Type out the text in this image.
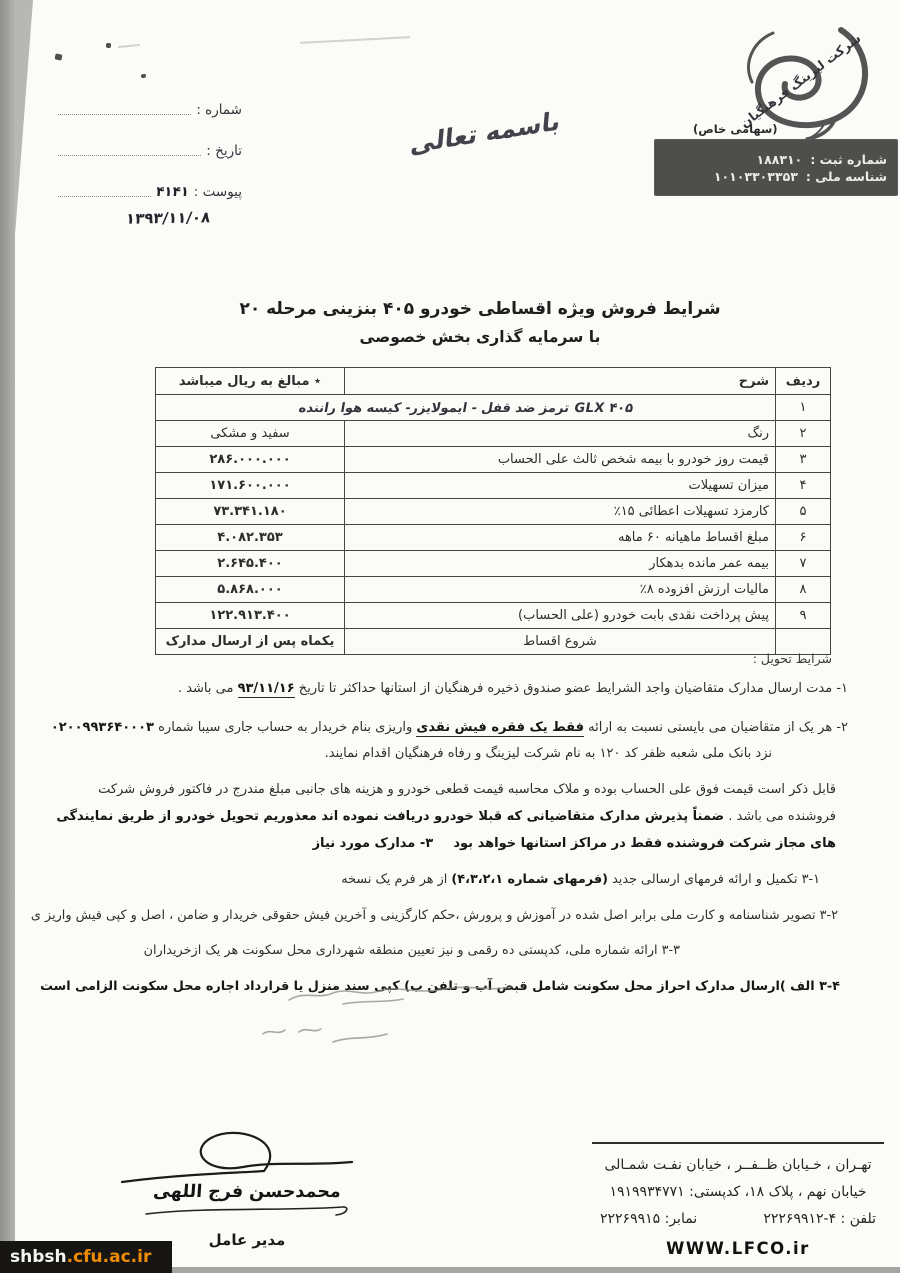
شماره :
تاریخ :
پیوست :
۴۱۴۱
۱۳۹۳/۱۱/۰۸
باسمه تعالی
شرکت لیزینگ فرهنگیان
(سهامی خاص)
شماره ثبت :
۱۸۸۳۱۰
شناسه ملی :
۱۰۱۰۳۳۰۳۳۵۳
شرایط فروش ویژه اقساطی خودرو ۴۰۵ بنزینی مرحله ۲۰
با سرمایه گذاری بخش خصوصی
ردیف	شرح	٭ مبالغ به ریال میباشد
۱	۴۰۵ GLX ترمز ضد قفل - ایمولایزر- کیسه هوا راننده	
۲	رنگ	سفید و مشکی
۳	قیمت روز خودرو با بیمه شخص ثالث علی الحساب	۲۸۶.۰۰۰.۰۰۰
۴	میزان تسهیلات	۱۷۱.۶۰۰.۰۰۰
۵	کارمزد تسهیلات اعطائی ۱۵٪	۷۳.۳۴۱.۱۸۰
۶	مبلغ اقساط ماهیانه ۶۰ ماهه	۴.۰۸۲.۳۵۳
۷	بیمه عمر مانده بدهکار	۲.۶۴۵.۴۰۰
۸	مالیات ارزش افزوده ۸٪	۵.۸۶۸.۰۰۰
۹	پیش پرداخت نقدی بابت خودرو (علی الحساب)	۱۲۲.۹۱۳.۴۰۰
	شروع اقساط	یکماه پس از ارسال مدارک
شرایط تحویل :
۱- مدت ارسال مدارک متقاضیان واجد الشرایط عضو صندوق ذخیره فرهنگیان از استانها حداکثر تا تاریخ ۹۳/۱۱/۱۶ می باشد .
۲- هر یک از متقاضیان می بایستی نسبت به ارائه فقط یک فقره فیش نقدی واریزی بنام خریدار به حساب جاری سیبا شماره ۰۲۰۰۹۹۳۶۴۰۰۰۳
نزد بانک ملی شعبه ظفر کد ۱۲۰ به نام شرکت لیزینگ و رفاه فرهنگیان اقدام نمایند.
قابل ذکر است قیمت فوق علی الحساب بوده و ملاک محاسبه قیمت قطعی خودرو و هزینه های جانبی مبلغ مندرج در فاکتور فروش شرکت
فروشنده می باشد . ضمناً پذیرش مدارک متقاضیانی که قبلا خودرو دریافت نموده اند معذوریم تحویل خودرو از طریق نمایندگی
های مجاز شرکت فروشنده فقط در مراکز استانها خواهد بود ۳- مدارک مورد نیاز
۳-۱ تکمیل و ارائه فرمهای ارسالی جدید (فرمهای شماره ۴،۳،۲،۱) از هر فرم یک نسخه
۳-۲ تصویر شناسنامه و کارت ملی برابر اصل شده در آموزش و پرورش ،حکم کارگزینی و آخرین فیش حقوقی خریدار و ضامن ، اصل و کپی فیش واریز ی
۳-۳ ارائه شماره ملی، کدپستی ده رقمی و نیز تعیین منطقه شهرداری محل سکونت هر یک ازخریداران
۳-۴ الف )ارسال مدارک احراز محل سکونت شامل قبض آب و تلفن ب) کپی سند منزل یا قرارداد اجاره محل سکونت الزامی است
محمدحسن فرج اللهی
مدیر عامل
تهـران ، خـیابان ظــفــر ، خیابان نفـت شمـالی
خیابان نهم ، پلاک ۱۸، کدپستی: ۱۹۱۹۹۳۴۷۷۱
تلفن : ۴-۲۲۲۶۹۹۱۲
نمابر: ۲۲۲۶۹۹۱۵
WWW.LFCO.ir
shbsh .cfu.ac.ir
